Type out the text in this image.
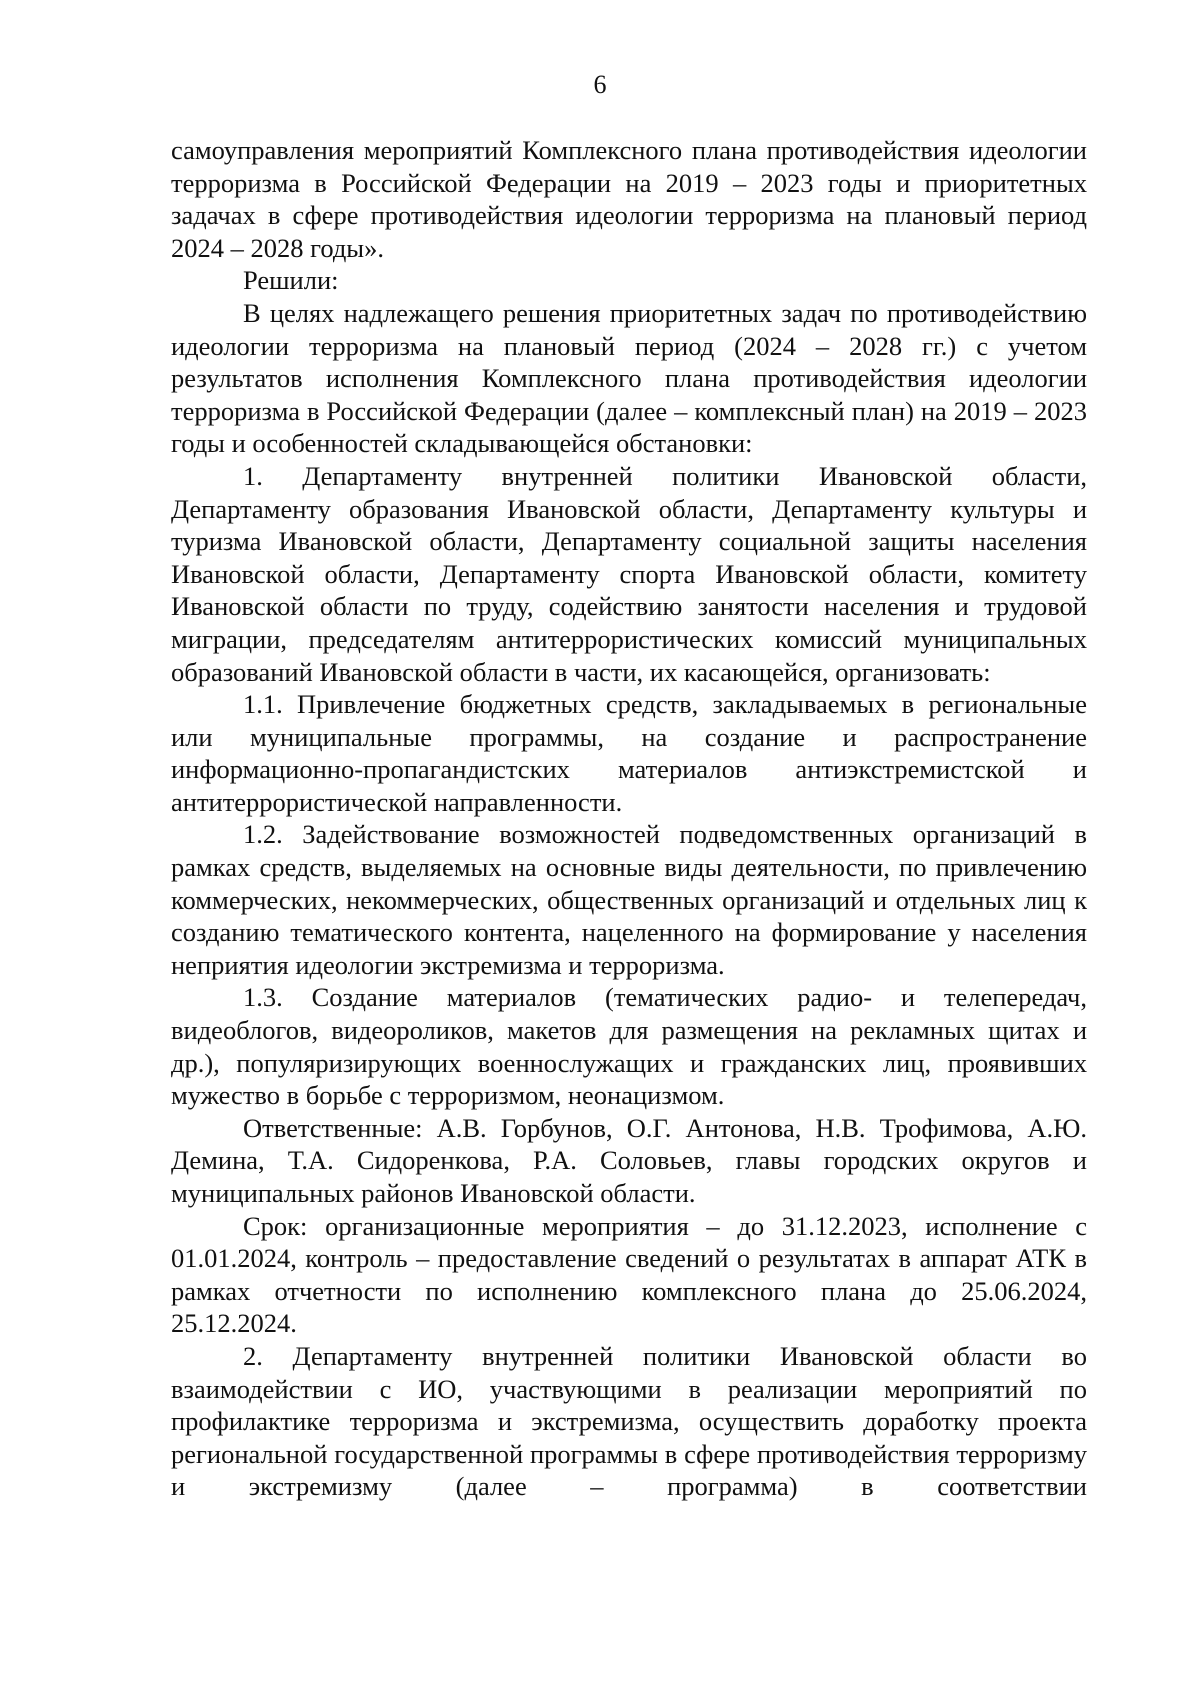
6

самоуправления мероприятий Комплексного плана противодействия идеологии терроризма в Российской Федерации на 2019 – 2023 годы и приоритетных задачах в сфере противодействия идеологии терроризма на плановый период 2024 – 2028 годы».

Решили:

В целях надлежащего решения приоритетных задач по противодействию идеологии терроризма на плановый период (2024 – 2028 гг.) с учетом результатов исполнения Комплексного плана противодействия идеологии терроризма в Российской Федерации (далее – комплексный план) на 2019 – 2023 годы и особенностей складывающейся обстановки:

1. Департаменту внутренней политики Ивановской области, Департаменту образования Ивановской области, Департаменту культуры и туризма Ивановской области, Департаменту социальной защиты населения Ивановской области, Департаменту спорта Ивановской области, комитету Ивановской области по труду, содействию занятости населения и трудовой миграции, председателям антитеррористических комиссий муниципальных образований Ивановской области в части, их касающейся, организовать:

1.1. Привлечение бюджетных средств, закладываемых в региональные или муниципальные программы, на создание и распространение информационно-пропагандистских материалов антиэкстремистской и антитеррористической направленности.

1.2. Задействование возможностей подведомственных организаций в рамках средств, выделяемых на основные виды деятельности, по привлечению коммерческих, некоммерческих, общественных организаций и отдельных лиц к созданию тематического контента, нацеленного на формирование у населения неприятия идеологии экстремизма и терроризма.

1.3. Создание материалов (тематических радио- и телепередач, видеоблогов, видеороликов, макетов для размещения на рекламных щитах и др.), популяризирующих военнослужащих и гражданских лиц, проявивших мужество в борьбе с терроризмом, неонацизмом.

Ответственные: А.В. Горбунов, О.Г. Антонова, Н.В. Трофимова, А.Ю. Демина, Т.А. Сидоренкова, Р.А. Соловьев, главы городских округов и муниципальных районов Ивановской области.

Срок: организационные мероприятия – до 31.12.2023, исполнение с 01.01.2024, контроль – предоставление сведений о результатах в аппарат АТК в рамках отчетности по исполнению комплексного плана до 25.06.2024, 25.12.2024.

2. Департаменту внутренней политики Ивановской области во взаимодействии с ИО, участвующими в реализации мероприятий по профилактике терроризма и экстремизма, осуществить доработку проекта региональной государственной программы в сфере противодействия терроризму и экстремизму (далее – программа) в соответствии
